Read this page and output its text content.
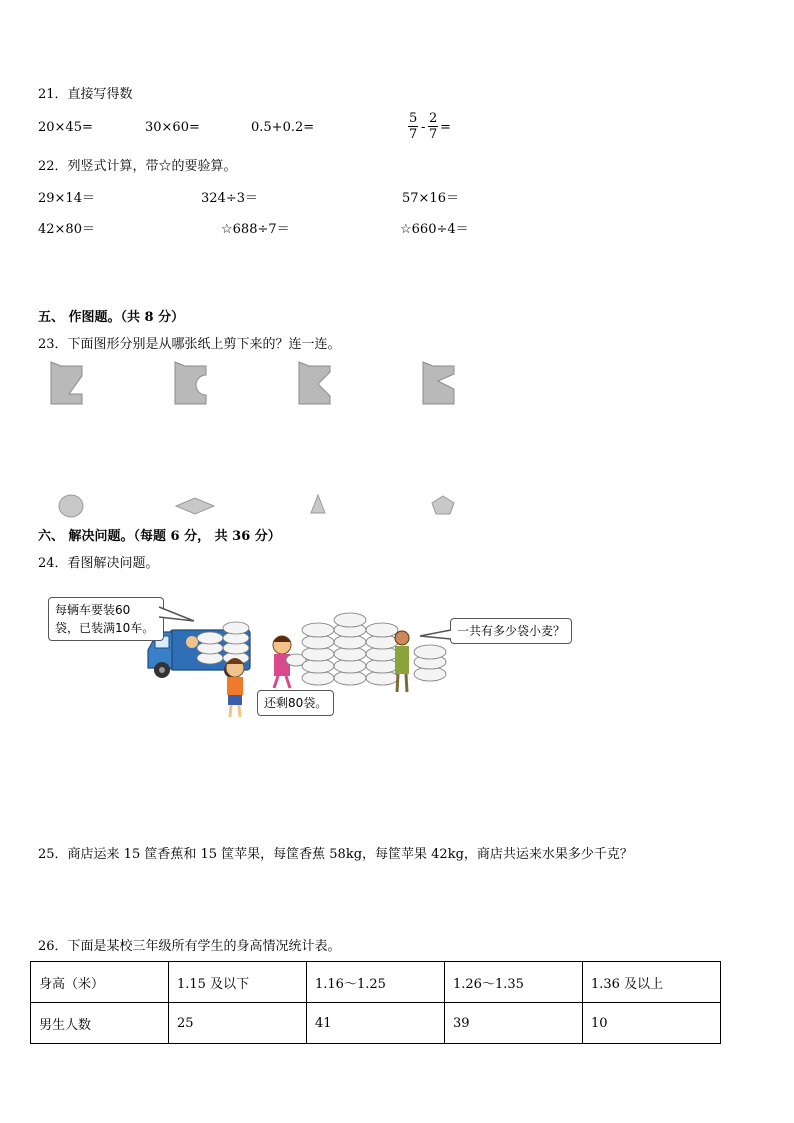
21．直接写得数
20×45=	30×60=	0.5+0.2=	$\frac{5}{7} - \frac{2}{7}$ =
22．列竖式计算，带☆的要验算。
29×14＝	324÷3＝	57×16＝
42×80＝	☆688÷7＝	☆660÷4＝
五、 作图题。（共 8 分）
23．下面图形分别是从哪张纸上剪下来的？连一连。
六、 解决问题。（每题 6 分， 共 36 分）
24．看图解决问题。
每辆车要装60
袋，已装满10车。	一共有多少袋小麦？
还剩80袋。
25．商店运来 15 筐香蕉和 15 筐苹果，每筐香蕉 58kg，每筐苹果 42kg，商店共运来水果多少千克？
26．下面是某校三年级所有学生的身高情况统计表。
身高（米）	1.15 及以下	1.16～1.25	1.26～1.35	1.36 及以上
男生人数	25	41	39	10
